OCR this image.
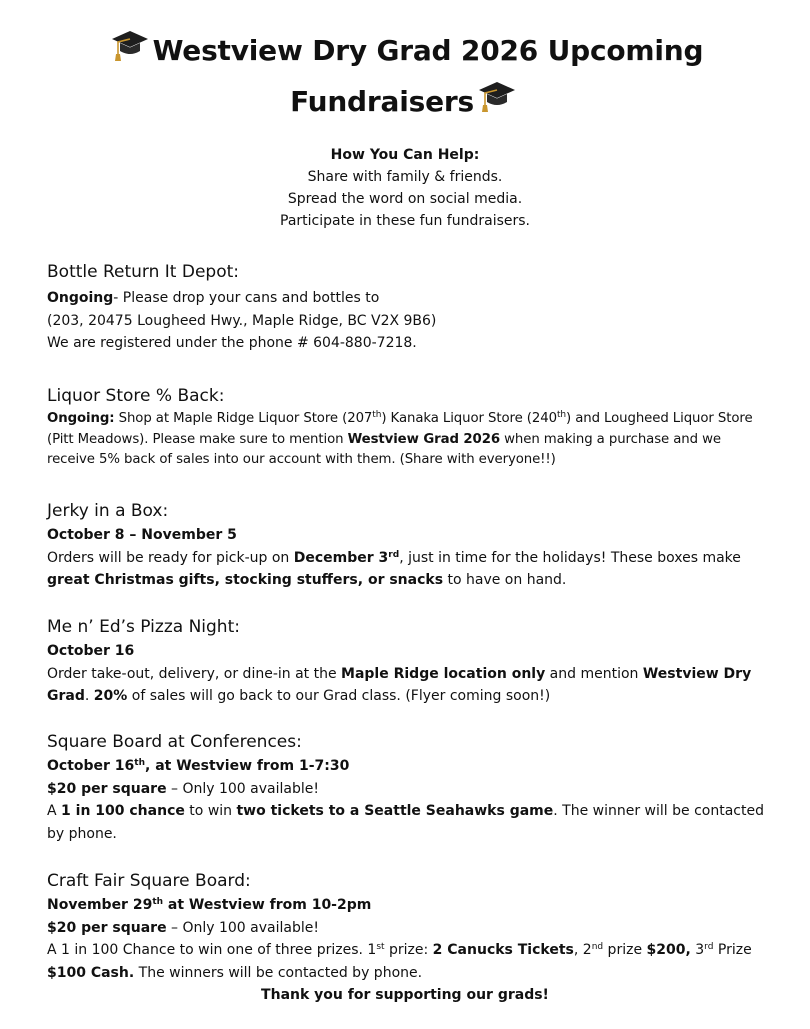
Westview Dry Grad 2026 Upcoming
Fundraisers
How You Can Help:
Share with family & friends.
Spread the word on social media.
Participate in these fun fundraisers.
Bottle Return It Depot:

Ongoing- Please drop your cans and bottles to

(203, 20475 Lougheed Hwy., Maple Ridge, BC V2X 9B6)

We are registered under the phone # 604-880-7218.

Liquor Store % Back:

Ongoing: Shop at Maple Ridge Liquor Store (207th) Kanaka Liquor Store (240th) and Lougheed Liquor Store (Pitt Meadows). Please make sure to mention Westview Grad 2026 when making a purchase and we receive 5% back of sales into our account with them. (Share with everyone!!)

Jerky in a Box:

October 8 – November 5

Orders will be ready for pick-up on December 3rd, just in time for the holidays! These boxes make great Christmas gifts, stocking stuffers, or snacks to have on hand.

Me n’ Ed’s Pizza Night:

October 16

Order take-out, delivery, or dine-in at the Maple Ridge location only and mention Westview Dry Grad. 20% of sales will go back to our Grad class. (Flyer coming soon!)

Square Board at Conferences:

October 16th, at Westview from 1-7:30

$20 per square – Only 100 available!

A 1 in 100 chance to win two tickets to a Seattle Seahawks game. The winner will be contacted by phone.

Craft Fair Square Board:

November 29th at Westview from 10-2pm

$20 per square – Only 100 available!

A 1 in 100 Chance to win one of three prizes. 1st prize: 2 Canucks Tickets, 2nd prize $200, 3rd Prize $100 Cash. The winners will be contacted by phone.

Thank you for supporting our grads!
